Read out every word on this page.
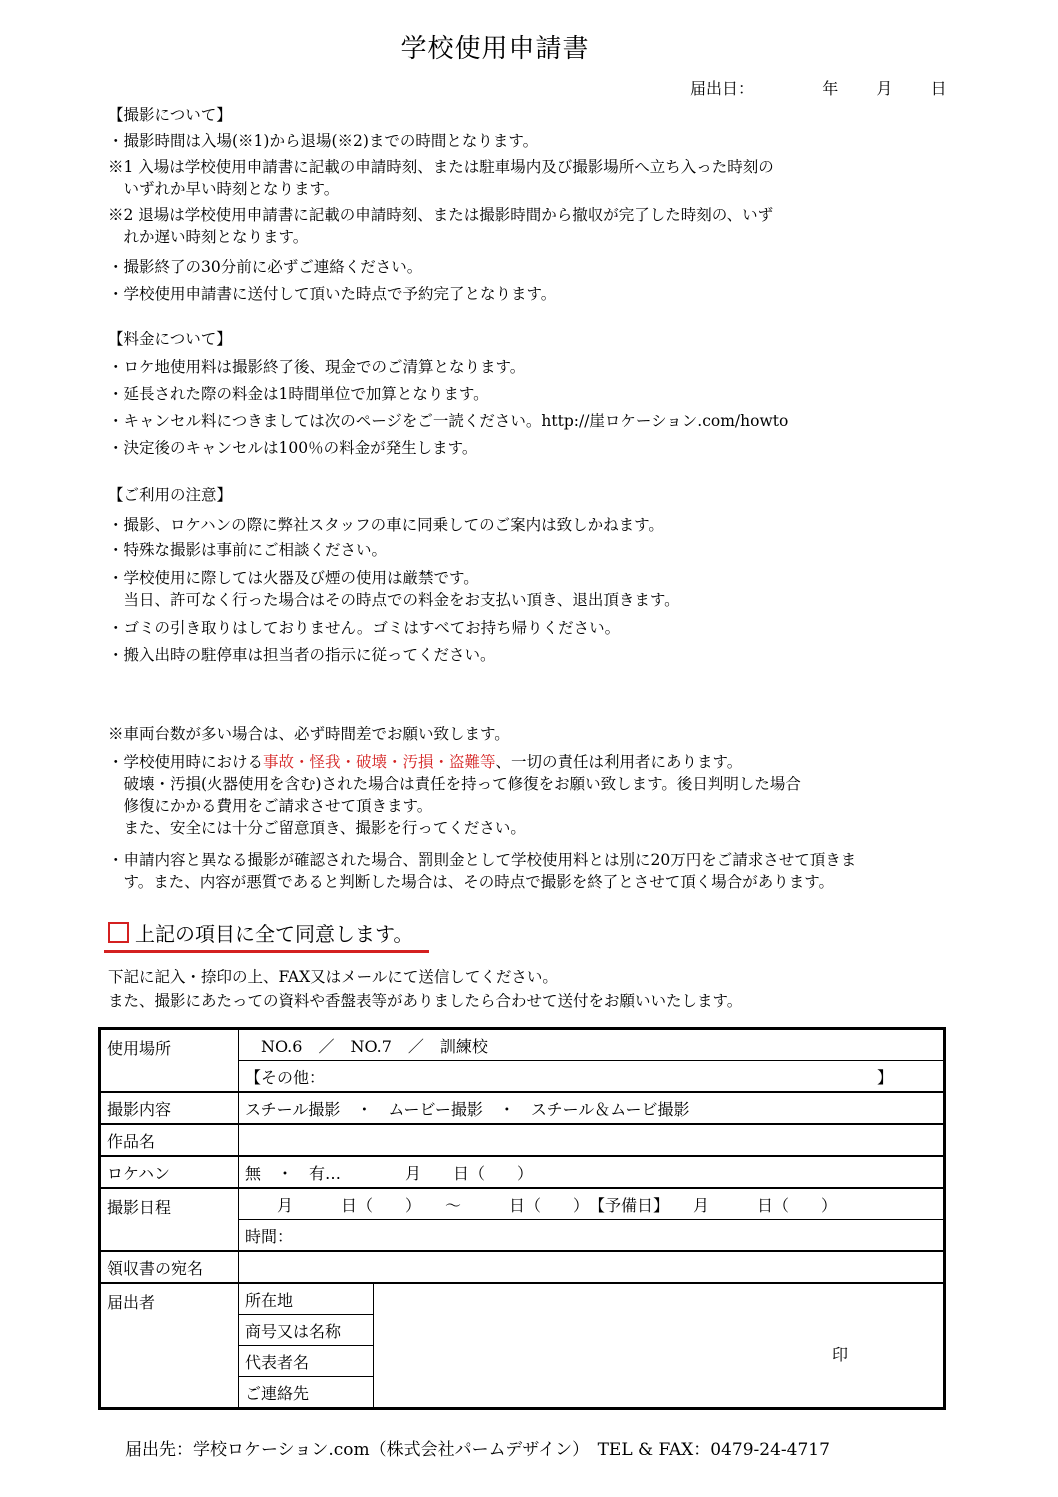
学校使用申請書
届出日：	年 月 日
【撮影について】
・撮影時間は入場(※1)から退場(※2)までの時間となります。
※1 入場は学校使用申請書に記載の申請時刻、または駐車場内及び撮影場所へ立ち入った時刻の
　いずれか早い時刻となります。
※2 退場は学校使用申請書に記載の申請時刻、または撮影時間から撤収が完了した時刻の、いず
　れか遅い時刻となります。
・撮影終了の30分前に必ずご連絡ください。
・学校使用申請書に送付して頂いた時点で予約完了となります。
【料金について】
・ロケ地使用料は撮影終了後、現金でのご清算となります。
・延長された際の料金は1時間単位で加算となります。
・キャンセル料につきましては次のページをご一読ください。http://崖ロケーション.com/howto
・決定後のキャンセルは100％の料金が発生します。
【ご利用の注意】
・撮影、ロケハンの際に弊社スタッフの車に同乗してのご案内は致しかねます。
・特殊な撮影は事前にご相談ください。
・学校使用に際しては火器及び煙の使用は厳禁です。
　当日、許可なく行った場合はその時点での料金をお支払い頂き、退出頂きます。
・ゴミの引き取りはしておりません。ゴミはすべてお持ち帰りください。
・搬入出時の駐停車は担当者の指示に従ってください。
※車両台数が多い場合は、必ず時間差でお願い致します。
・学校使用時における事故・怪我・破壊・汚損・盗難等、一切の責任は利用者にあります。
　破壊・汚損(火器使用を含む)された場合は責任を持って修復をお願い致します。後日判明した場合
　修復にかかる費用をご請求させて頂きます。
　また、安全には十分ご留意頂き、撮影を行ってください。
・申請内容と異なる撮影が確認された場合、罰則金として学校使用料とは別に20万円をご請求させて頂きま
　す。また、内容が悪質であると判断した場合は、その時点で撮影を終了とさせて頂く場合があります。
上記の項目に全て同意します。
下記に記入・捺印の上、FAX又はメールにて送信してください。
また、撮影にあたっての資料や香盤表等がありましたら合わせて送付をお願いいたします。
使用場所	　NO.6　／　NO.7　／　訓練校	
	【その他： 】	

撮影内容	スチール撮影　・　ムービー撮影　・　スチール＆ムービ撮影	
作品名		
ロケハン	無　・　有…　　　　月　　日（　　）	
撮影日程	　　月　　　日（　　）　　～　　　日（　　）　【予備日】　　月　　　日（　　）	
	時間：	
領収書の宛名		
届出者	所在地	印

	商号又は名称	
	代表者名	
	ご連絡先	
届出先：学校ロケーション.com（株式会社パームデザイン）　TEL & FAX：0479-24-4717
